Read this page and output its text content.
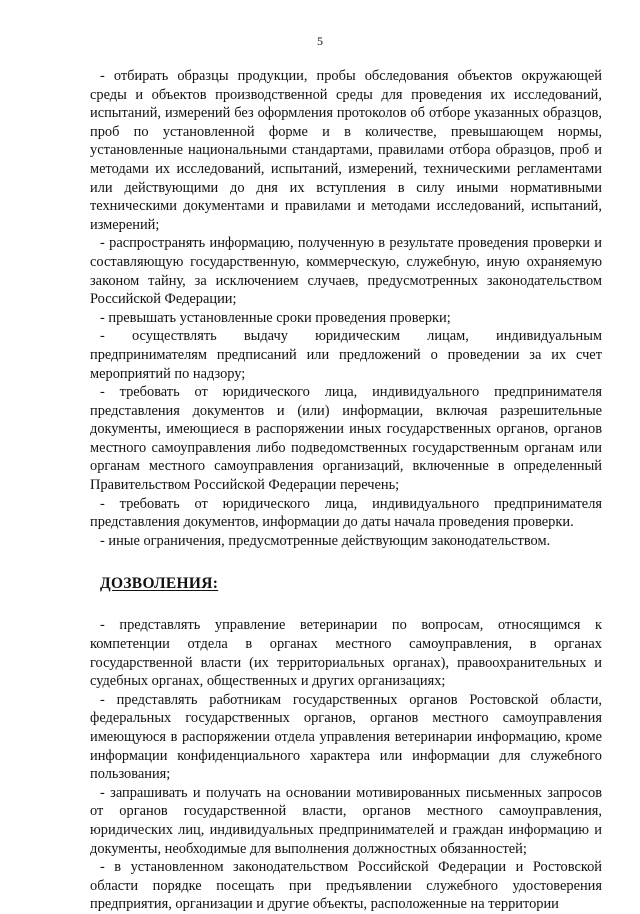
5

- отбирать образцы продукции, пробы обследования объектов окружающей среды и объектов производственной среды для проведения их исследований, испытаний, измерений без оформления протоколов об отборе указанных образцов, проб по установленной форме и в количестве, превышающем нормы, установленные национальными стандартами, правилами отбора образцов, проб и методами их исследований, испытаний, измерений, техническими регламентами или действующими до дня их вступления в силу иными нормативными техническими документами и правилами и методами исследований, испытаний, измерений;

- распространять информацию, полученную в результате проведения проверки и составляющую государственную, коммерческую, служебную, иную охраняемую законом тайну, за исключением случаев, предусмотренных законодательством Российской Федерации;

- превышать установленные сроки проведения проверки;

- осуществлять выдачу юридическим лицам, индивидуальным предпринимателям предписаний или предложений о проведении за их счет мероприятий по надзору;

- требовать от юридического лица, индивидуального предпринимателя представления документов и (или) информации, включая разрешительные документы, имеющиеся в распоряжении иных государственных органов, органов местного самоуправления либо подведомственных государственным органам или органам местного самоуправления организаций, включенные в определенный Правительством Российской Федерации перечень;

- требовать от юридического лица, индивидуального предпринимателя представления документов, информации до даты начала проведения проверки.

- иные ограничения, предусмотренные действующим законодательством.

ДОЗВОЛЕНИЯ:

- представлять управление ветеринарии по вопросам, относящимся к компетенции отдела в органах местного самоуправления, в органах государственной власти (их территориальных органах), правоохранительных и судебных органах, общественных и других организациях;

- представлять работникам государственных органов Ростовской области, федеральных государственных органов, органов местного самоуправления имеющуюся в распоряжении отдела управления ветеринарии информацию, кроме информации конфиденциального характера или информации для служебного пользования;

- запрашивать и получать на основании мотивированных письменных запросов от органов государственной власти, органов местного самоуправления, юридических лиц, индивидуальных предпринимателей и граждан информацию и документы, необходимые для выполнения должностных обязанностей;

- в установленном законодательством Российской Федерации и Ростовской области порядке посещать при предъявлении служебного удостоверения предприятия, организации и другие объекты, расположенные на территории
